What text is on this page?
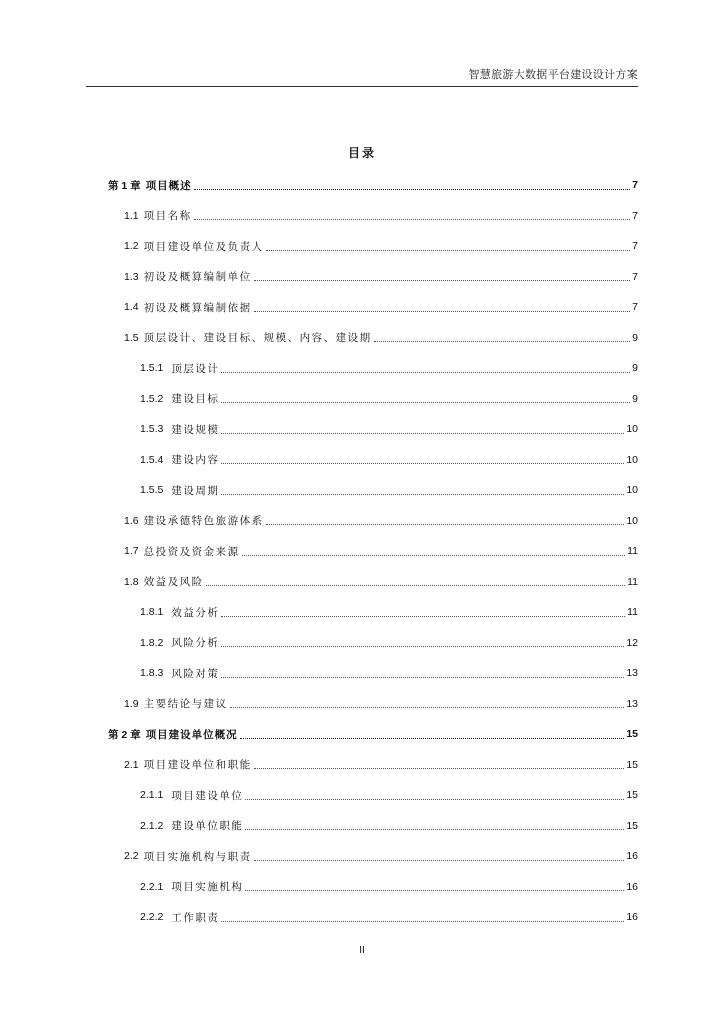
智慧旅游大数据平台建设设计方案
目录
第 1 章 项目概述	7
1.1 项目名称	7
1.2 项目建设单位及负责人	7
1.3 初设及概算编制单位	7
1.4 初设及概算编制依据	7
1.5 顶层设计、建设目标、规模、内容、建设期	9
1.5.1 顶层设计	9
1.5.2 建设目标	9
1.5.3 建设规模	10
1.5.4 建设内容	10
1.5.5 建设周期	10
1.6 建设承德特色旅游体系	10
1.7 总投资及资金来源	11
1.8 效益及风险	11
1.8.1 效益分析	11
1.8.2 风险分析	12
1.8.3 风险对策	13
1.9 主要结论与建议	13
第 2 章 项目建设单位概况	15
2.1 项目建设单位和职能	15
2.1.1 项目建设单位	15
2.1.2 建设单位职能	15
2.2 项目实施机构与职责	16
2.2.1 项目实施机构	16
2.2.2 工作职责	16
II
